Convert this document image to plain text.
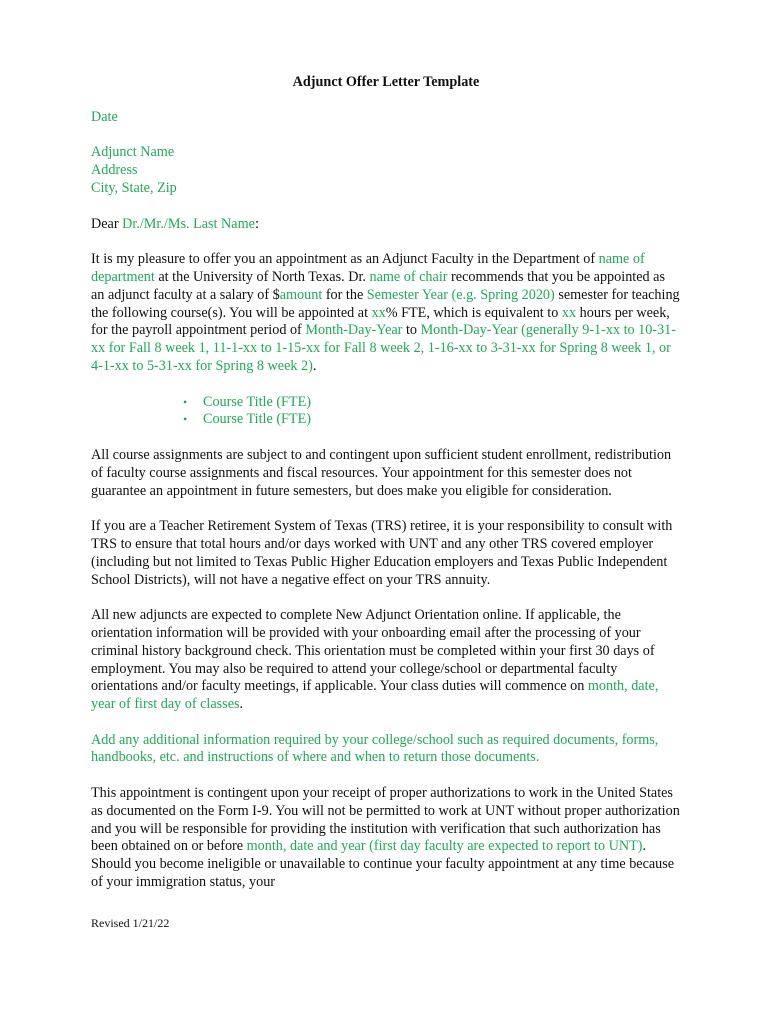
Adjunct Offer Letter Template

Date

Adjunct Name
Address
City, State, Zip

Dear Dr./Mr./Ms. Last Name:

It is my pleasure to offer you an appointment as an Adjunct Faculty in the Department of name of department at the University of North Texas. Dr. name of chair recommends that you be appointed as an adjunct faculty at a salary of $amount for the Semester Year (e.g. Spring 2020) semester for teaching the following course(s). You will be appointed at xx% FTE, which is equivalent to xx hours per week, for the payroll appointment period of Month-Day-Year to Month-Day-Year (generally 9-1-xx to 10-31-xx for Fall 8 week 1, 11-1-xx to 1-15-xx for Fall 8 week 2, 1-16-xx to 3-31-xx for Spring 8 week 1, or 4-1-xx to 5-31-xx for Spring 8 week 2).

• Course Title (FTE)
• Course Title (FTE)

All course assignments are subject to and contingent upon sufficient student enrollment, redistribution of faculty course assignments and fiscal resources. Your appointment for this semester does not guarantee an appointment in future semesters, but does make you eligible for consideration.

If you are a Teacher Retirement System of Texas (TRS) retiree, it is your responsibility to consult with TRS to ensure that total hours and/or days worked with UNT and any other TRS covered employer (including but not limited to Texas Public Higher Education employers and Texas Public Independent School Districts), will not have a negative effect on your TRS annuity.

All new adjuncts are expected to complete New Adjunct Orientation online. If applicable, the orientation information will be provided with your onboarding email after the processing of your criminal history background check. This orientation must be completed within your first 30 days of employment. You may also be required to attend your college/school or departmental faculty orientations and/or faculty meetings, if applicable. Your class duties will commence on month, date, year of first day of classes.

Add any additional information required by your college/school such as required documents, forms, handbooks, etc. and instructions of where and when to return those documents.

This appointment is contingent upon your receipt of proper authorizations to work in the United States as documented on the Form I-9. You will not be permitted to work at UNT without proper authorization and you will be responsible for providing the institution with verification that such authorization has been obtained on or before month, date and year (first day faculty are expected to report to UNT). Should you become ineligible or unavailable to continue your faculty appointment at any time because of your immigration status, your

Revised 1/21/22
